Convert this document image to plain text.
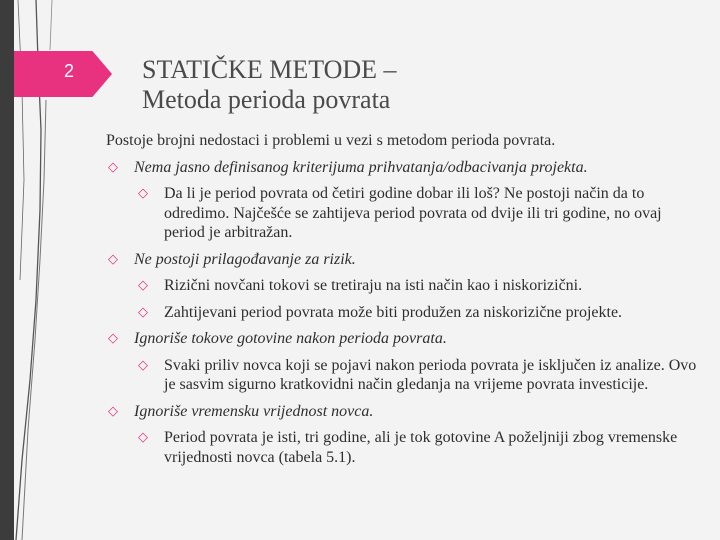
2	STATIČKE METODE –
Metoda perioda povrata
Postoje brojni nedostaci i problemi u vezi s metodom perioda povrata.
◇ Nema jasno definisanog kriterijuma prihvatanja/odbacivanja projekta.
◇ Da li je period povrata od četiri godine dobar ili loš? Ne postoji način da to odredimo. Najčešće se zahtijeva period povrata od dvije ili tri godine, no ovaj period je arbitražan.
◇ Ne postoji prilagođavanje za rizik.
◇ Rizični novčani tokovi se tretiraju na isti način kao i niskorizični.
◇ Zahtijevani period povrata može biti produžen za niskorizične projekte.
◇ Ignoriše tokove gotovine nakon perioda povrata.
◇ Svaki priliv novca koji se pojavi nakon perioda povrata je isključen iz analize. Ovo je sasvim sigurno kratkovidni način gledanja na vrijeme povrata investicije.
◇ Ignoriše vremensku vrijednost novca.
◇ Period povrata je isti, tri godine, ali je tok gotovine A poželjniji zbog vremenske vrijednosti novca (tabela 5.1).
